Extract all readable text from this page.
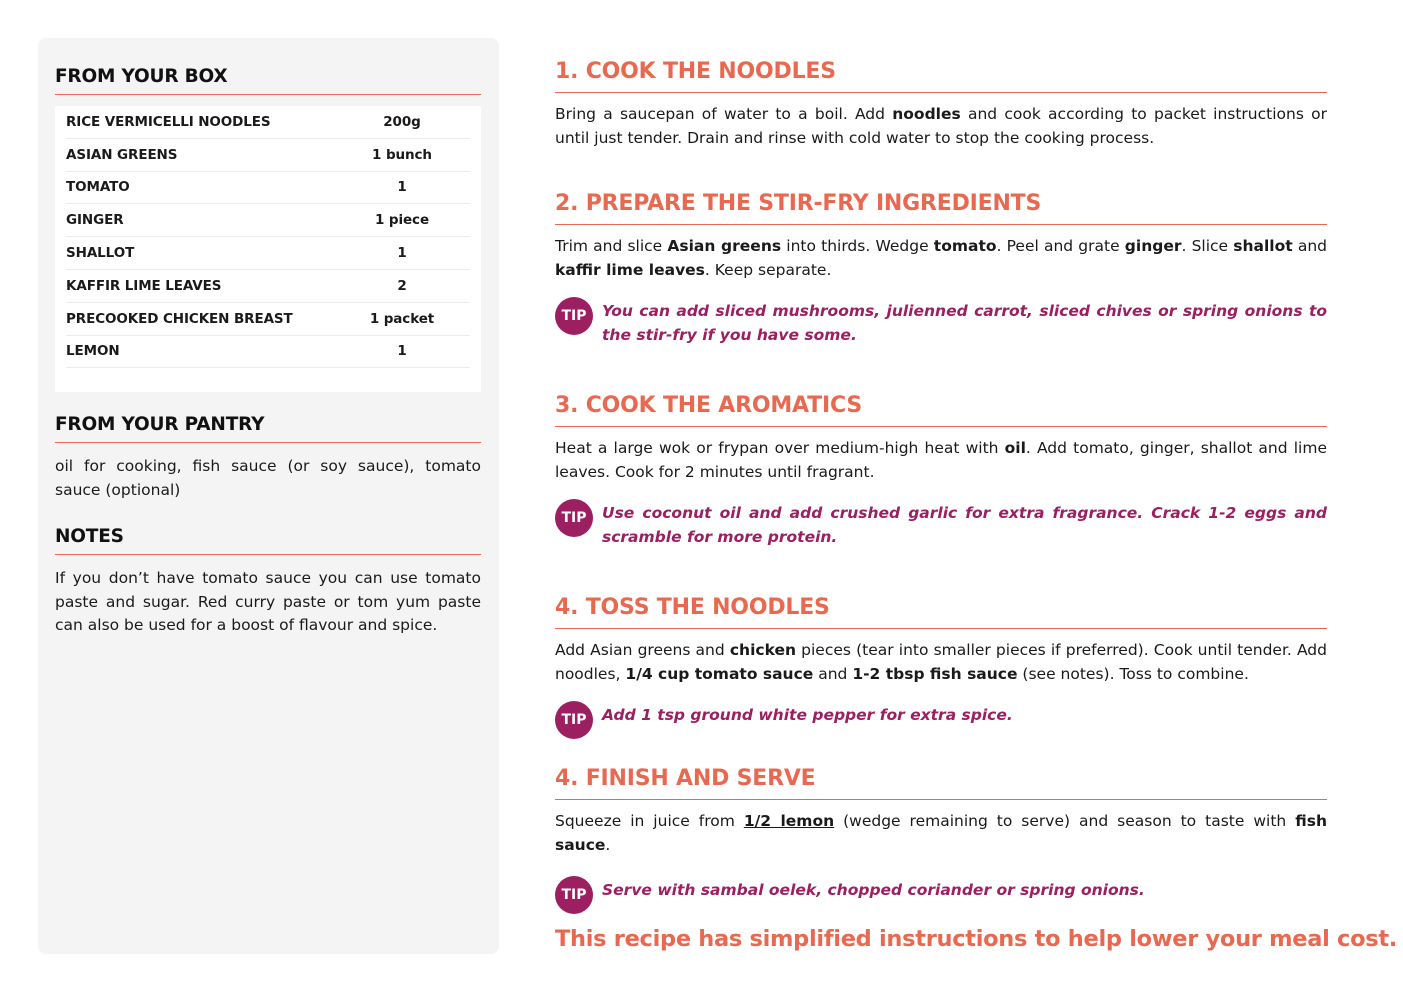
FROM YOUR BOX
RICE VERMICELLI NOODLES	200g
ASIAN GREENS	1 bunch
TOMATO	1
GINGER	1 piece
SHALLOT	1
KAFFIR LIME LEAVES	2
PRECOOKED CHICKEN BREAST	1 packet
LEMON	1
FROM YOUR PANTRY
oil for cooking, fish sauce (or soy sauce), tomato sauce (optional)
NOTES
If you don’t have tomato sauce you can use tomato paste and sugar. Red curry paste or tom yum paste can also be used for a boost of flavour and spice.
This recipe has simplified instructions to help lower your meal cost.
1. COOK THE NOODLES
Bring a saucepan of water to a boil. Add noodles and cook according to packet instructions or until just tender. Drain and rinse with cold water to stop the cooking process.
2. PREPARE THE STIR-FRY INGREDIENTS
Trim and slice Asian greens into thirds. Wedge tomato. Peel and grate ginger. Slice shallot and kaffir lime leaves. Keep separate.
TIP You can add sliced mushrooms, julienned carrot, sliced chives or spring onions to the stir-fry if you have some.
3. COOK THE AROMATICS
Heat a large wok or frypan over medium-high heat with oil. Add tomato, ginger, shallot and lime leaves. Cook for 2 minutes until fragrant.
TIP Use coconut oil and add crushed garlic for extra fragrance. Crack 1-2 eggs and scramble for more protein.
4. TOSS THE NOODLES
Add Asian greens and chicken pieces (tear into smaller pieces if preferred). Cook until tender. Add noodles, 1/4 cup tomato sauce and 1-2 tbsp fish sauce (see notes). Toss to combine.
TIP Add 1 tsp ground white pepper for extra spice.
4. FINISH AND SERVE
Squeeze in juice from 1/2 lemon (wedge remaining to serve) and season to taste with fish sauce.
TIP Serve with sambal oelek, chopped coriander or spring onions.
